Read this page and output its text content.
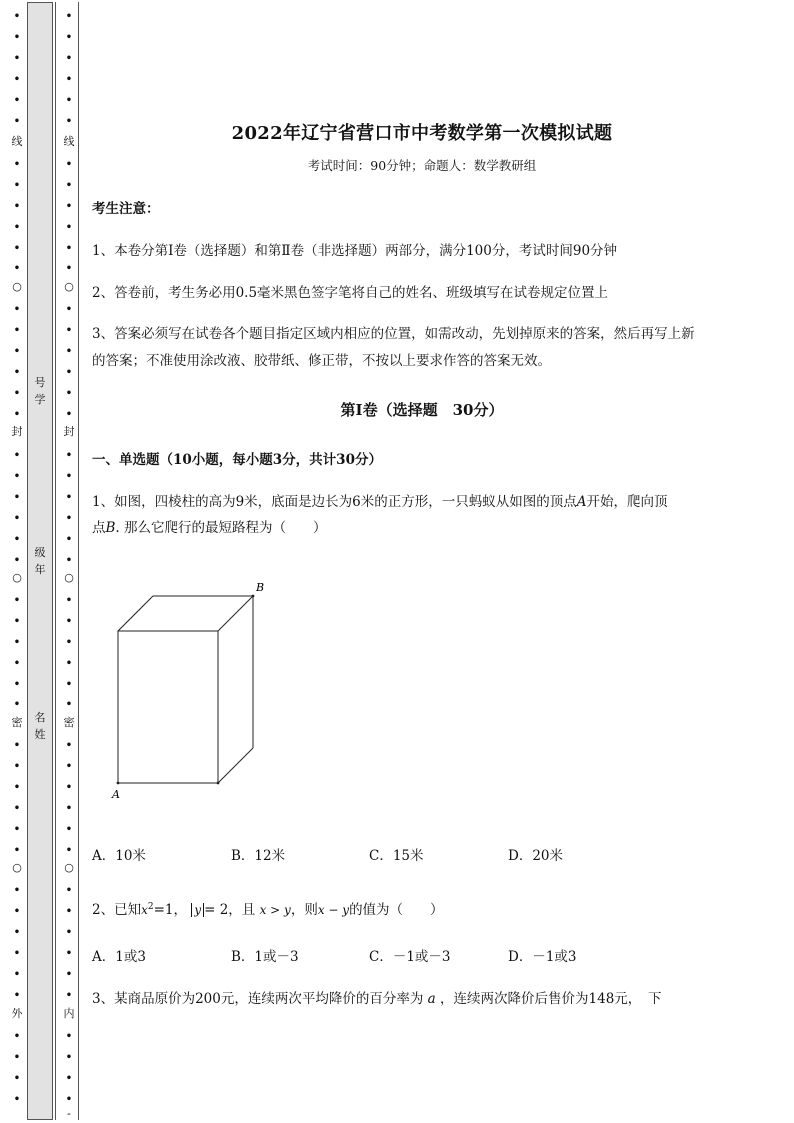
•
•
•
•
•
•
线
•
•
•
•
•
•
○
•
•
•
•
•
•
封
•
•
•
•
•
•
○
•
•
•
•
•
•
密
•
•
•
•
•
•
○
•
•
•
•
•
•
外
•
•
•
•
•
•
•
•
•
•
线
•
•
•
•
•
•
○
•
•
•
•
•
•
封
•
•
•
•
•
•
○
•
•
•
•
•
•
密
•
•
•
•
•
•
○
•
•
•
•
•
•
内
•
•
•
•
-
号学
级年
名姓
2022年辽宁省营口市中考数学第一次模拟试题
考试时间：90分钟；命题人：数学教研组
考生注意：
1、本卷分第I卷（选择题）和第Ⅱ卷（非选择题）两部分，满分100分，考试时间90分钟
2、答卷前，考生务必用0.5毫米黑色签字笔将自己的姓名、班级填写在试卷规定位置上
3、答案必须写在试卷各个题目指定区域内相应的位置，如需改动，先划掉原来的答案，然后再写上新
的答案；不准使用涂改液、胶带纸、修正带，不按以上要求作答的答案无效。
第I卷（选择题　30分）
一、单选题（10小题，每小题3分，共计30分）
1、如图，四棱柱的高为9米，底面是边长为6米的正方形，一只蚂蚁从如图的顶点A开始，爬向顶
点B. 那么它爬行的最短路程为（　　）
A．10米	B．12米	C．15米	D．20米
2、已知$x^2=1$， y = 2，且 x > y，则x − y的值为（　　）
A．1或3	B．1或－3	C．－1或－3	D．－1或3
3、某商品原价为200元，连续两次平均降价的百分率为 a ，连续两次降价后售价为148元，　下
A
B
